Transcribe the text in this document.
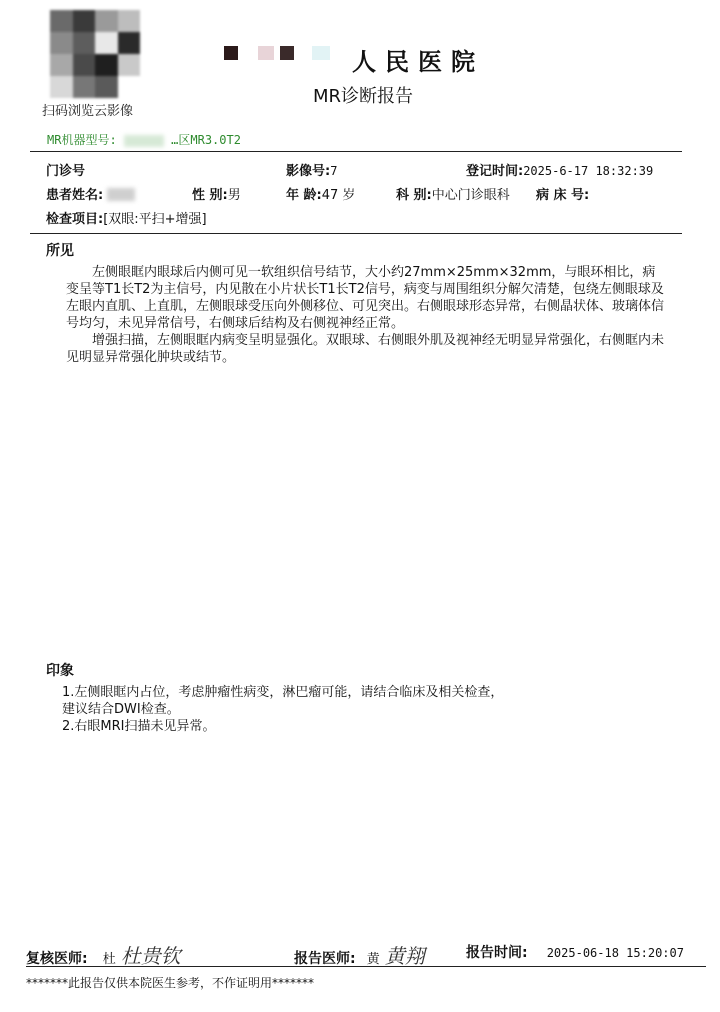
扫码浏览云影像
人民医院
MR诊断报告
MR机器型号:	…区MR3.0T2
门诊号	影像号:7	登记时间:2025-6-17 18:32:39
患者姓名:	性 别:男	年 龄:47 岁	科 别:中心门诊眼科 病 床 号:
检查项目:[双眼:平扫+增强]
所见

左侧眼眶内眼球后内侧可见一软组织信号结节，大小约27mm×25mm×32mm，与眼环相比，病变呈等T1长T2为主信号，内见散在小片状长T1长T2信号，病变与周围组织分解欠清楚，包绕左侧眼球及左眼内直肌、上直肌，左侧眼球受压向外侧移位、可见突出。右侧眼球形态异常，右侧晶状体、玻璃体信号均匀，未见异常信号，右侧球后结构及右侧视神经正常。

增强扫描，左侧眼眶内病变呈明显强化。双眼球、右侧眼外肌及视神经无明显异常强化，右侧眶内未见明显异常强化肿块或结节。

印象
1.左侧眼眶内占位，考虑肿瘤性病变，淋巴瘤可能，请结合临床及相关检查，
建议结合DWI检查。
2.右眼MRI扫描未见异常。
复核医师: 杜 杜贵钦	报告医师: 黄 黄翔	报告时间: 2025-06-18 15:20:07
*******此报告仅供本院医生参考，不作证明用*******
